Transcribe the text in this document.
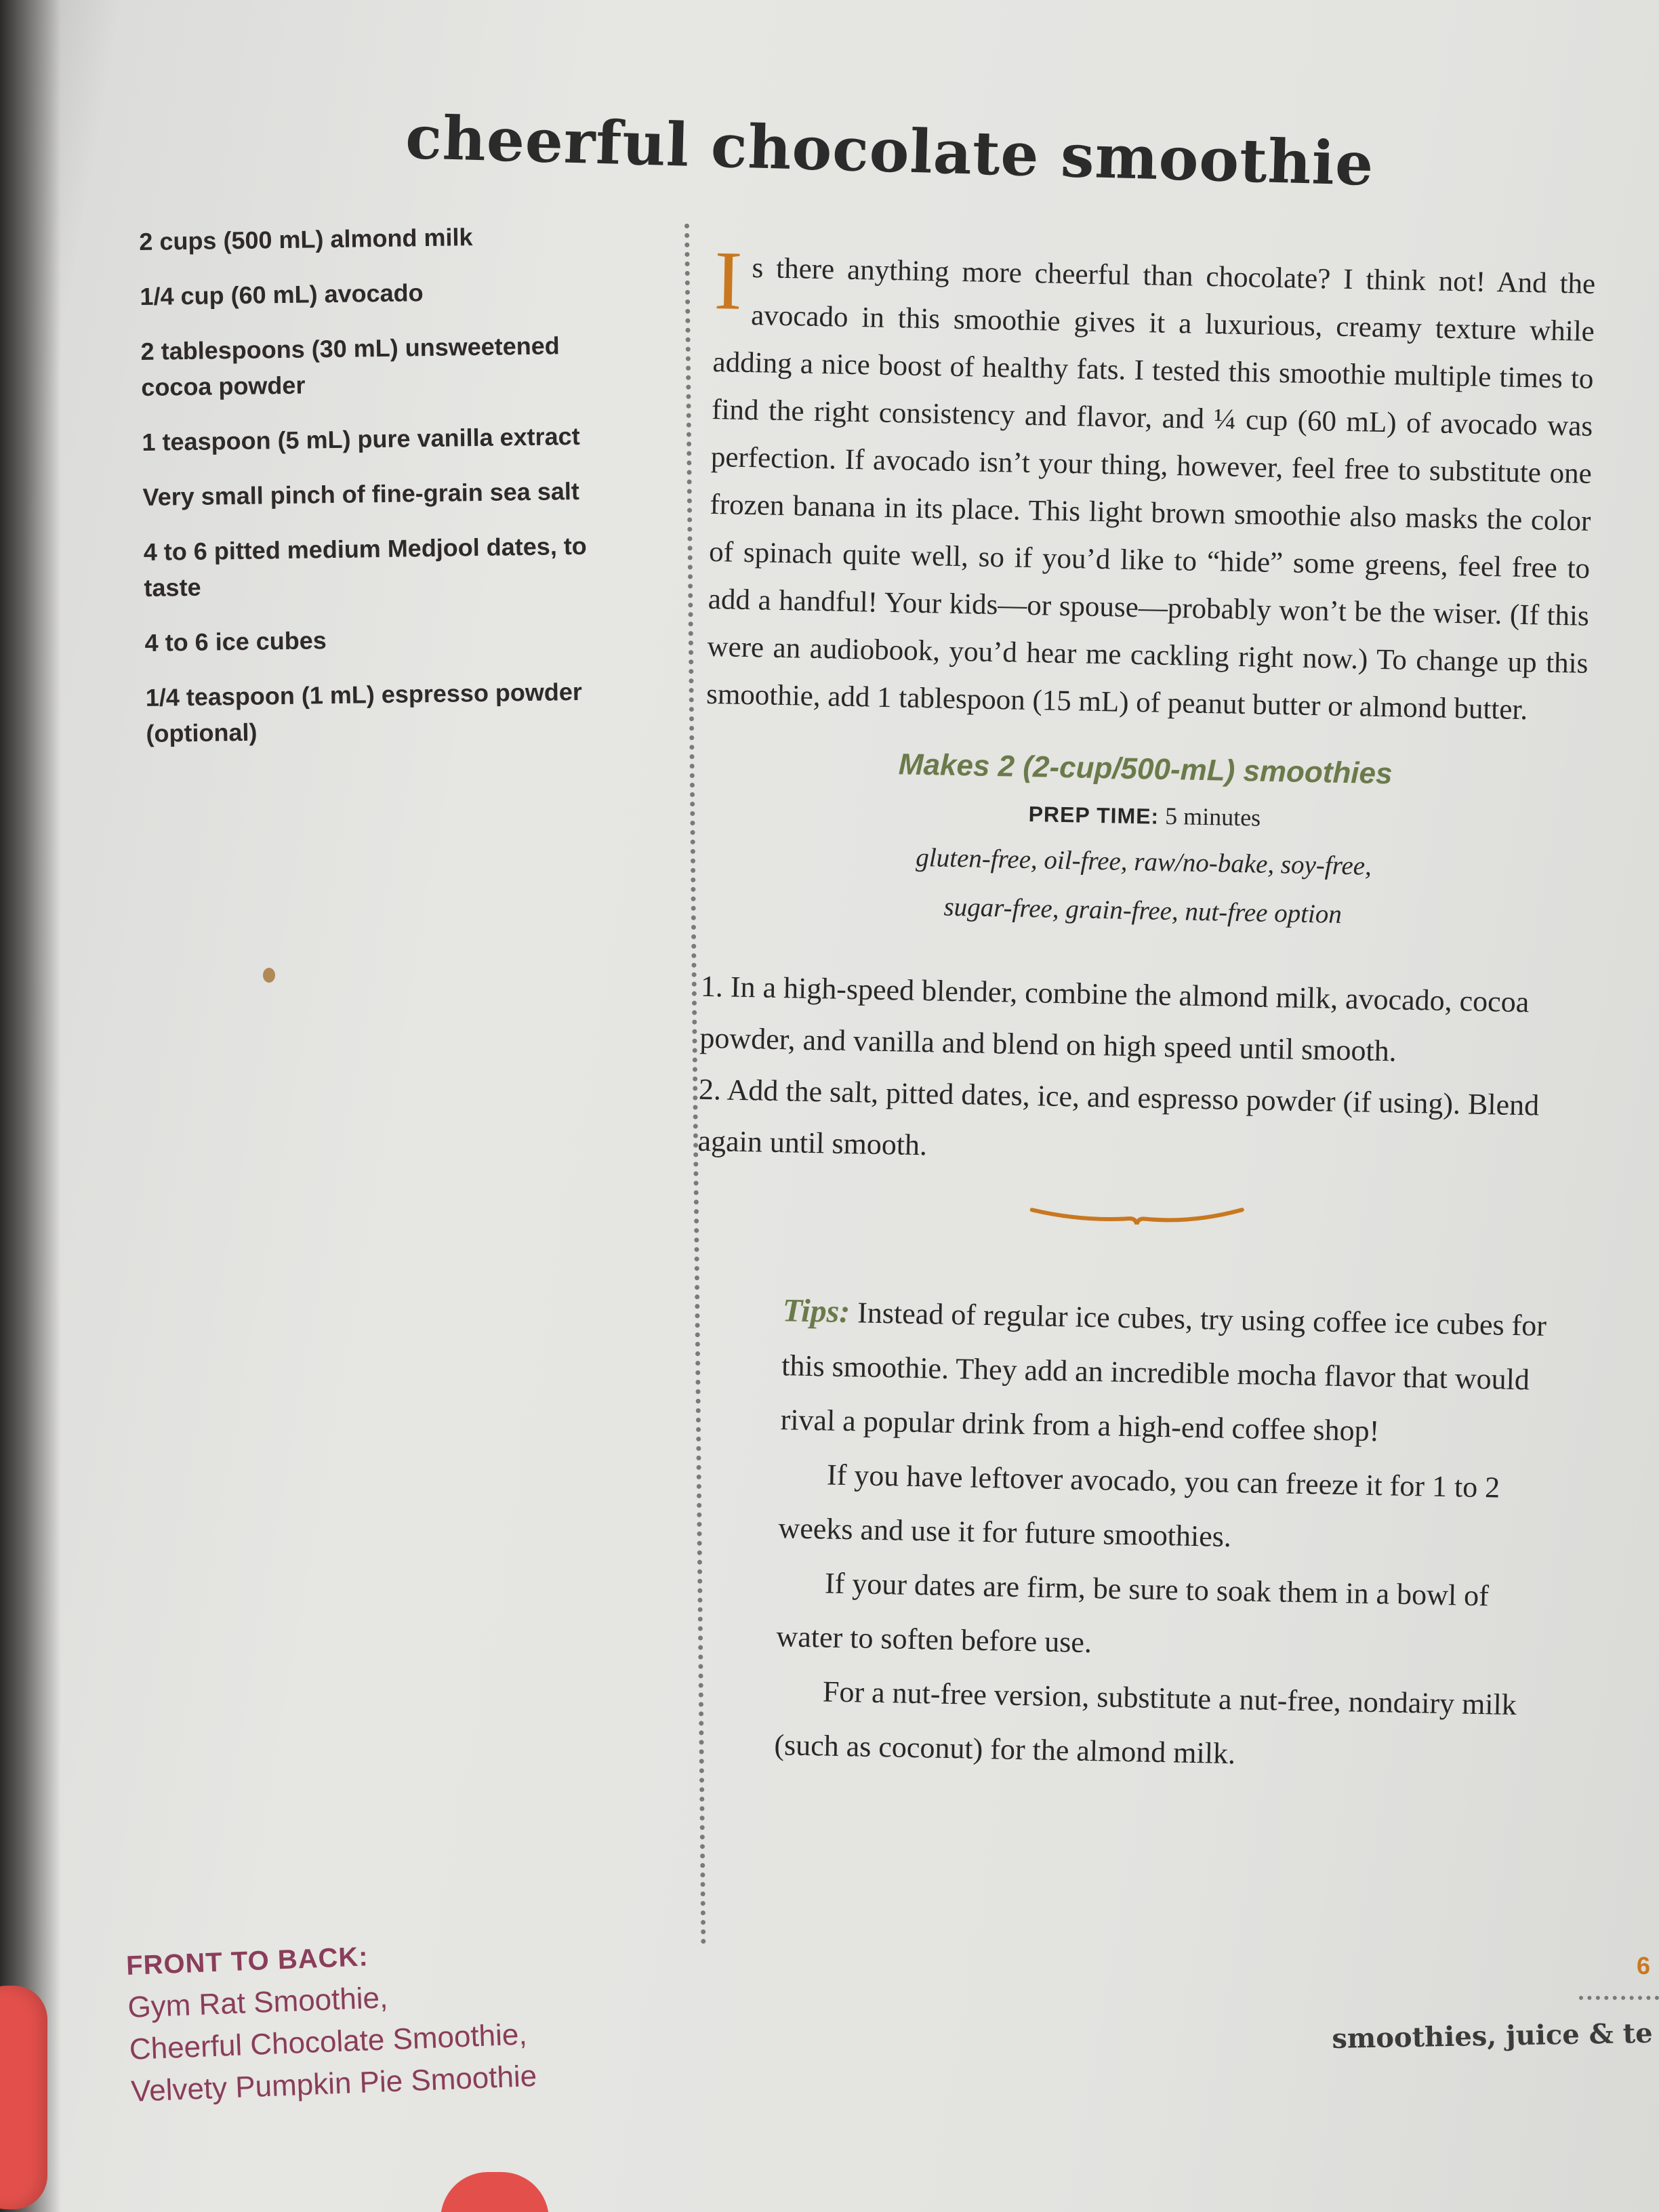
cheerful chocolate smoothie
2 cups (500 mL) almond milk
1/4 cup (60 mL) avocado
2 tablespoons (30 mL) unsweetened cocoa powder
1 teaspoon (5 mL) pure vanilla extract
Very small pinch of fine-grain sea salt
4 to 6 pitted medium Medjool dates, to taste
4 to 6 ice cubes
1/4 teaspoon (1 mL) espresso powder (optional)

Is there anything more cheerful than chocolate? I think not! And the avocado in this smoothie gives it a luxurious, creamy texture while adding a nice boost of healthy fats. I tested this smoothie multiple times to find the right consistency and flavor, and ¼ cup (60 mL) of avocado was perfection. If avocado isn’t your thing, however, feel free to substitute one frozen banana in its place. This light brown smoothie also masks the color of spinach quite well, so if you’d like to “hide” some greens, feel free to add a handful! Your kids—or spouse—probably won’t be the wiser. (If this were an audiobook, you’d hear me cackling right now.) To change up this smoothie, add 1 tablespoon (15 mL) of peanut butter or almond butter.

Makes 2 (2-cup/500-mL) smoothies
PREP TIME: 5 minutes
gluten-free, oil-free, raw/no-bake, soy-free,
sugar-free, grain-free, nut-free option

1. In a high-speed blender, combine the almond milk, avocado, cocoa powder, and vanilla and blend on high speed until smooth.

2. Add the salt, pitted dates, ice, and espresso powder (if using). Blend again until smooth.

Tips: Instead of regular ice cubes, try using coffee ice cubes for this smoothie. They add an incredible mocha flavor that would rival a popular drink from a high-end coffee shop!

If you have leftover avocado, you can freeze it for 1 to 2 weeks and use it for future smoothies.

If your dates are firm, be sure to soak them in a bowl of water to soften before use.

For a nut-free version, substitute a nut-free, nondairy milk (such as coconut) for the almond milk.

FRONT TO BACK:
Gym Rat Smoothie,
Cheerful Chocolate Smoothie,
Velvety Pumpkin Pie Smoothie
6
smoothies, juice & te
